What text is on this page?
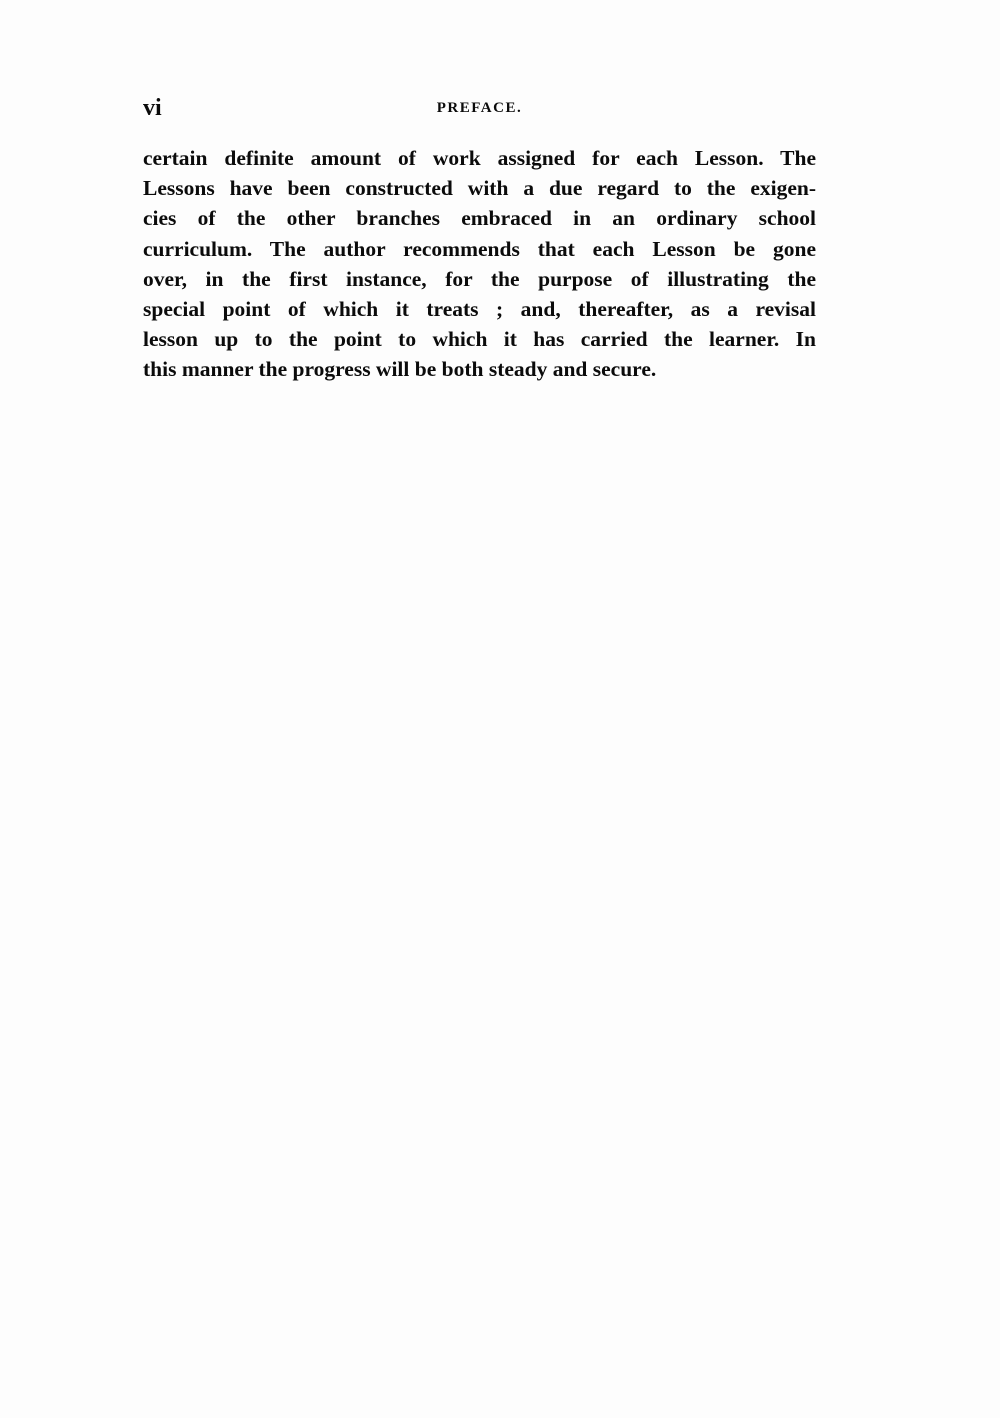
vi	PREFACE.
certain definite amount of work assigned for each Lesson. The
Lessons have been constructed with a due regard to the exigen-
cies of the other branches embraced in an ordinary school
curriculum. The author recommends that each Lesson be gone
over, in the first instance, for the purpose of illustrating the
special point of which it treats ; and, thereafter, as a revisal
lesson up to the point to which it has carried the learner. In
this manner the progress will be both steady and secure.
